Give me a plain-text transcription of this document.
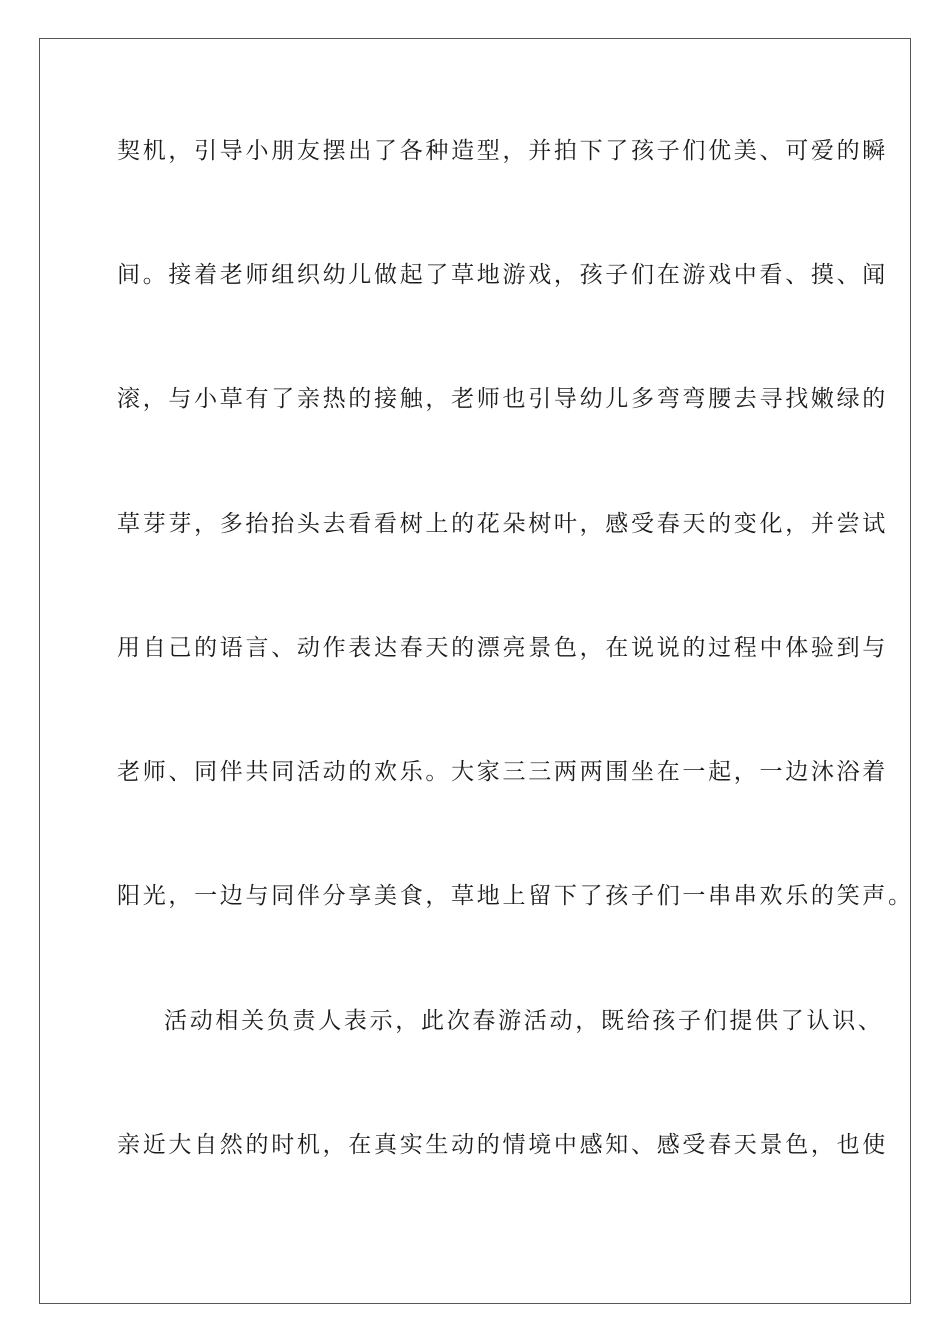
契机，引导小朋友摆出了各种造型，并拍下了孩子们优美、可爱的瞬
间。接着老师组织幼儿做起了草地游戏，孩子们在游戏中看、摸、闻
滚，与小草有了亲热的接触，老师也引导幼儿多弯弯腰去寻找嫩绿的
草芽芽，多抬抬头去看看树上的花朵树叶，感受春天的变化，并尝试
用自己的语言、动作表达春天的漂亮景色，在说说的过程中体验到与
老师、同伴共同活动的欢乐。大家三三两两围坐在一起，一边沐浴着
阳光，一边与同伴分享美食，草地上留下了孩子们一串串欢乐的笑声。
活动相关负责人表示，此次春游活动，既给孩子们提供了认识、
亲近大自然的时机，在真实生动的情境中感知、感受春天景色，也使
